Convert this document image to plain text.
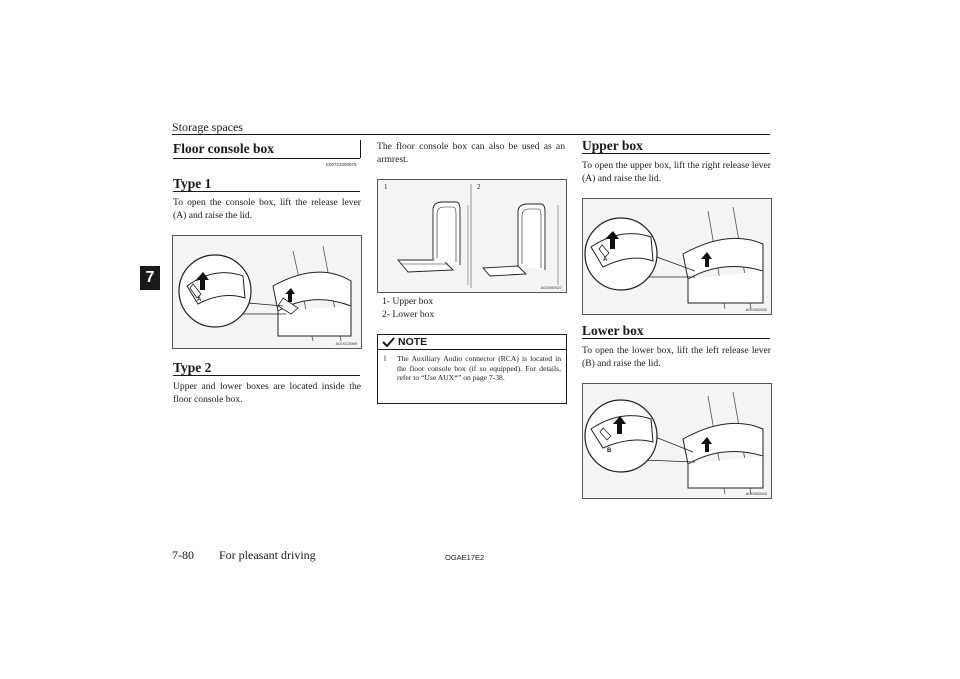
Storage spaces
7
Floor console box
E00723300978
Type 1
To open the console box, lift the release lever (A) and raise the lid.
A
AG0013989
Type 2
Upper and lower boxes are located inside the floor console box.
The floor console box can also be used as an armrest.
1	2
AG0000527
1- Upper box
2- Lower box
NOTE
l The Auxiliary Audio connector (RCA) is located in the floor console box (if so equipped). For details, refer to “Use AUX*” on page 7-38.
Upper box
To open the upper box, lift the right release lever (A) and raise the lid.
A
AG0000530
Lower box
To open the lower box, lift the left release lever (B) and raise the lid.
B
AG0000543
7-80 For pleasant driving	OGAE17E2
